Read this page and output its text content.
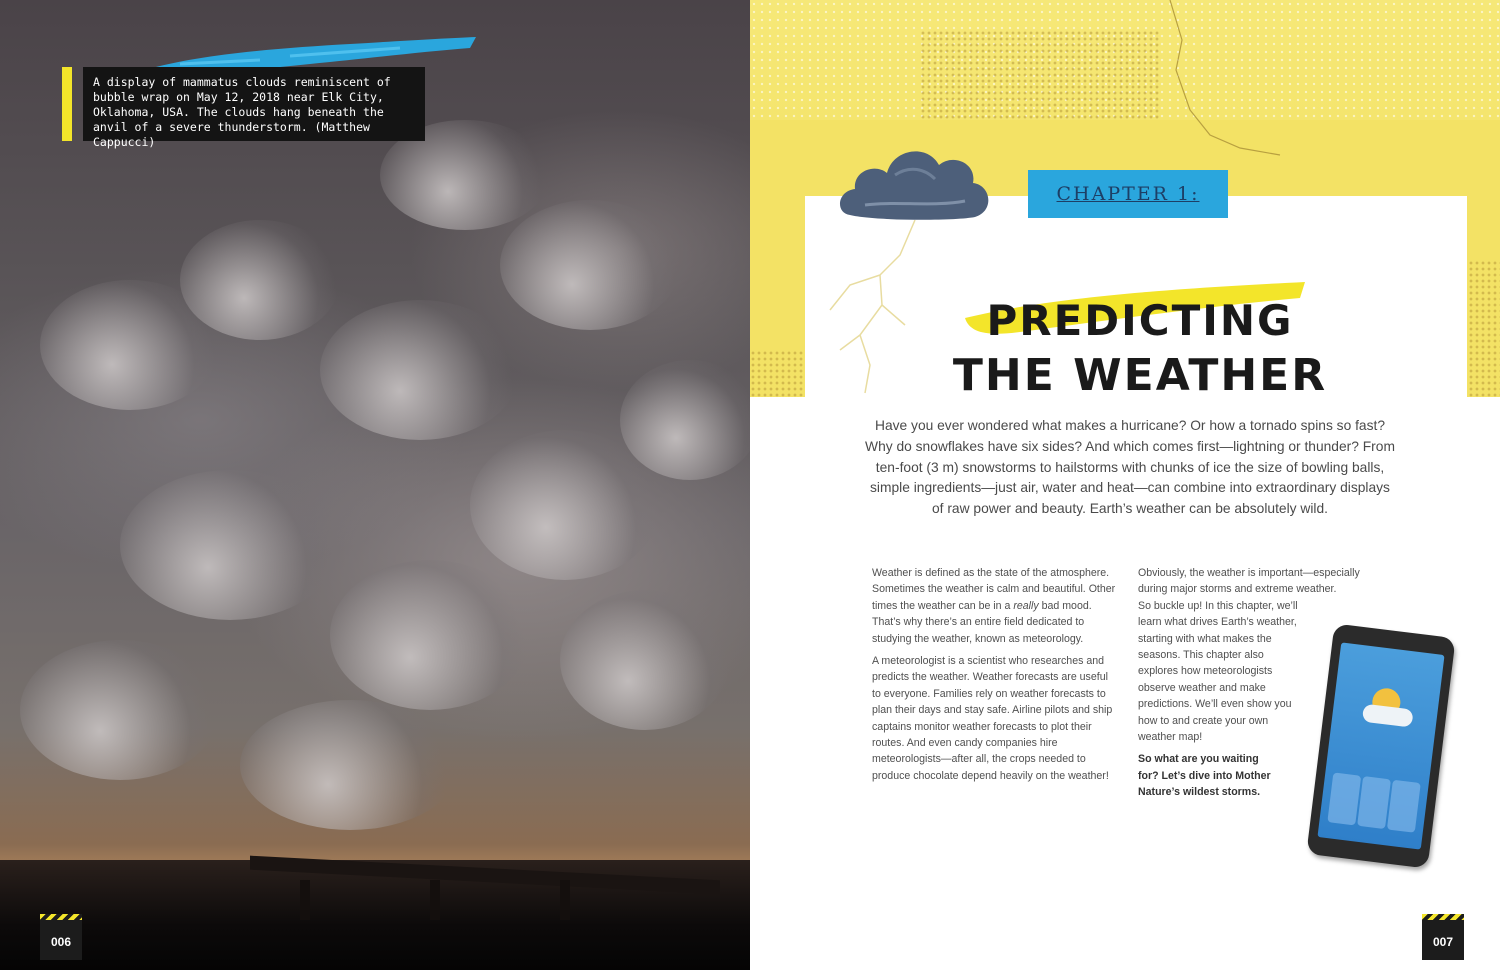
A display of mammatus clouds reminiscent of bubble wrap on May 12, 2018 near Elk City, Oklahoma, USA. The clouds hang beneath the anvil of a severe thunderstorm. (Matthew Cappucci)
006
CHAPTER 1:
PREDICTING
THE WEATHER
Have you ever wondered what makes a hurricane? Or how a tornado spins so fast? Why do snowflakes have six sides? And which comes first—lightning or thunder? From ten-foot (3 m) snowstorms to hailstorms with chunks of ice the size of bowling balls, simple ingredients—just air, water and heat—can combine into extraordinary displays of raw power and beauty. Earth’s weather can be absolutely wild.

Weather is defined as the state of the atmosphere. Sometimes the weather is calm and beautiful. Other times the weather can be in a really bad mood. That’s why there’s an entire field dedicated to studying the weather, known as meteorology.

A meteorologist is a scientist who researches and predicts the weather. Weather forecasts are useful to everyone. Families rely on weather forecasts to plan their days and stay safe. Airline pilots and ship captains monitor weather forecasts to plot their routes. And even candy companies hire meteorologists—after all, the crops needed to produce chocolate depend heavily on the weather!

Obviously, the weather is important—especially during major storms and extreme weather.

So buckle up! In this chapter, we’ll learn what drives Earth’s weather, starting with what makes the seasons. This chapter also explores how meteorologists observe weather and make predictions. We’ll even show you how to and create your own weather map!

So what are you waiting for? Let’s dive into Mother Nature’s wildest storms.

007
